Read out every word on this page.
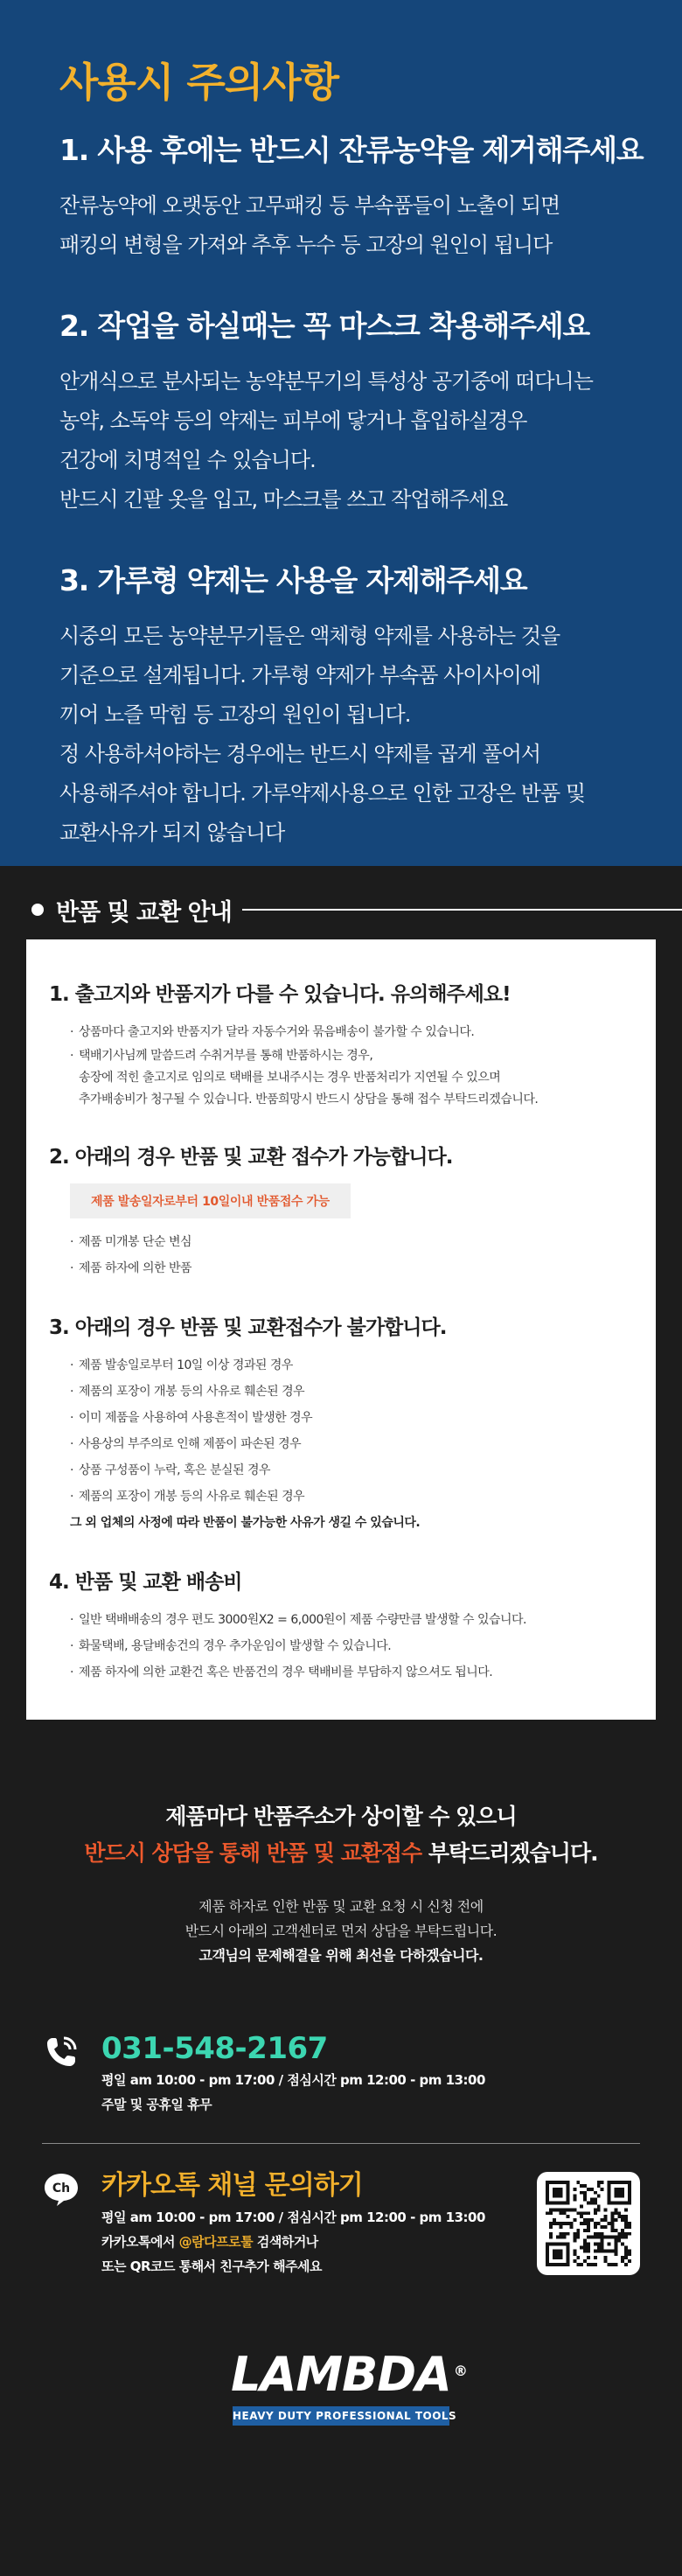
사용시 주의사항
1. 사용 후에는 반드시 잔류농약을 제거해주세요

잔류농약에 오랫동안 고무패킹 등 부속품들이 노출이 되면

패킹의 변형을 가져와 추후 누수 등 고장의 원인이 됩니다

2. 작업을 하실때는 꼭 마스크 착용해주세요

안개식으로 분사되는 농약분무기의 특성상 공기중에 떠다니는

농약, 소독약 등의 약제는 피부에 닿거나 흡입하실경우

건강에 치명적일 수 있습니다.

반드시 긴팔 옷을 입고, 마스크를 쓰고 작업해주세요

3. 가루형 약제는 사용을 자제해주세요

시중의 모든 농약분무기들은 액체형 약제를 사용하는 것을

기준으로 설계됩니다. 가루형 약제가 부속품 사이사이에

끼어 노즐 막힘 등 고장의 원인이 됩니다.

정 사용하셔야하는 경우에는 반드시 약제를 곱게 풀어서

사용해주셔야 합니다. 가루약제사용으로 인한 고장은 반품 및

교환사유가 되지 않습니다

반품 및 교환 안내
1. 출고지와 반품지가 다를 수 있습니다. 유의해주세요!
· 상품마다 출고지와 반품지가 달라 자동수거와 묶음배송이 불가할 수 있습니다.
· 택배기사님께 말씀드려 수취거부를 통해 반품하시는 경우,
송장에 적힌 출고지로 임의로 택배를 보내주시는 경우 반품처리가 지연될 수 있으며
추가배송비가 청구될 수 있습니다. 반품희망시 반드시 상담을 통해 접수 부탁드리겠습니다.
2. 아래의 경우 반품 및 교환 접수가 가능합니다.
제품 발송일자로부터 10일이내 반품접수 가능
· 제품 미개봉 단순 변심
· 제품 하자에 의한 반품
3. 아래의 경우 반품 및 교환접수가 불가합니다.
· 제품 발송일로부터 10일 이상 경과된 경우
· 제품의 포장이 개봉 등의 사유로 훼손된 경우
· 이미 제품을 사용하여 사용흔적이 발생한 경우
· 사용상의 부주의로 인해 제품이 파손된 경우
· 상품 구성품이 누락, 혹은 분실된 경우
· 제품의 포장이 개봉 등의 사유로 훼손된 경우
그 외 업체의 사정에 따라 반품이 불가능한 사유가 생길 수 있습니다.
4. 반품 및 교환 배송비
· 일반 택배배송의 경우 편도 3000원X2 = 6,000원이 제품 수량만큼 발생할 수 있습니다.
· 화물택배, 용달배송건의 경우 추가운임이 발생할 수 있습니다.
· 제품 하자에 의한 교환건 혹은 반품건의 경우 택배비를 부담하지 않으셔도 됩니다.

제품마다 반품주소가 상이할 수 있으니

반드시 상담을 통해 반품 및 교환접수 부탁드리겠습니다.

제품 하자로 인한 반품 및 교환 요청 시 신청 전에

반드시 아래의 고객센터로 먼저 상담을 부탁드립니다.

고객님의 문제해결을 위해 최선을 다하겠습니다.

031-548-2167
평일 am 10:00 - pm 17:00 / 점심시간 pm 12:00 - pm 13:00
주말 및 공휴일 휴무
Ch 카카오톡 채널 문의하기
평일 am 10:00 - pm 17:00 / 점심시간 pm 12:00 - pm 13:00
카카오톡에서 @람다프로툴 검색하거나
또는 QR코드 통해서 친구추가 해주세요
LAMBDA ®
HEAVY DUTY PROFESSIONAL TOOLS
